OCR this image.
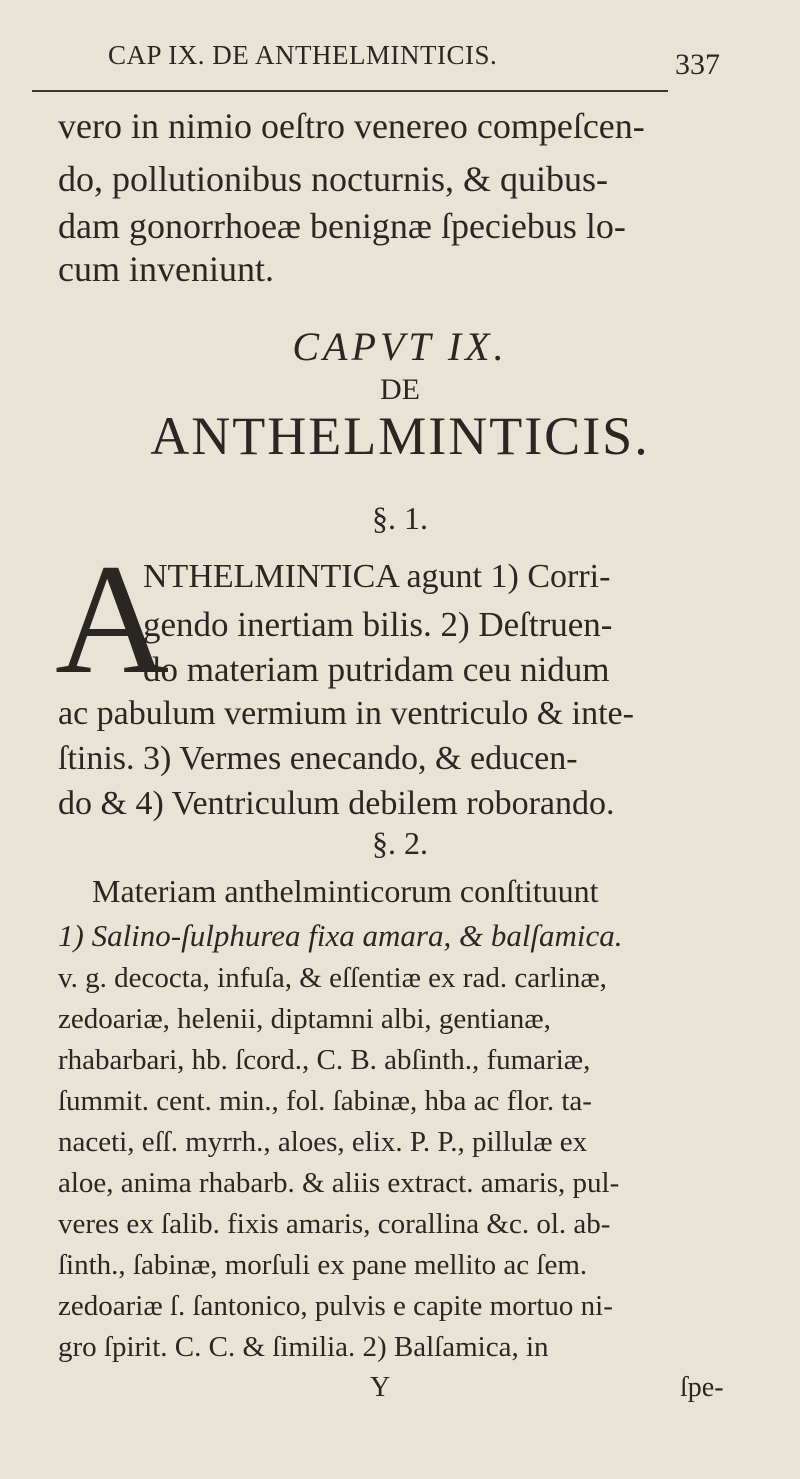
CAP IX. DE ANTHELMINTICIS.	337
vero in nimio oeſtro venereo compeſcen-
do, pollutionibus nocturnis, & quibus-
dam gonorrhoeæ benignæ ſpeciebus lo-
cum inveniunt.
CAPVT IX.
DE
ANTHELMINTICIS.
§. 1.
A
NTHELMINTICA agunt 1) Corri-
gendo inertiam bilis. 2) Deſtruen-
do materiam putridam ceu nidum
ac pabulum vermium in ventriculo & inte-
ſtinis. 3) Vermes enecando, & educen-
do & 4) Ventriculum debilem roborando.
§. 2.
Materiam anthelminticorum conſtituunt
1) Salino-ſulphurea fixa amara, & balſamica.
v. g. decocta, infuſa, & eſſentiæ ex rad. carlinæ,
zedoariæ, helenii, diptamni albi, gentianæ,
rhabarbari, hb. ſcord., C. B. abſinth., fumariæ,
ſummit. cent. min., fol. ſabinæ, hba ac flor. ta-
naceti, eſſ. myrrh., aloes, elix. P. P., pillulæ ex
aloe, anima rhabarb. & aliis extract. amaris, pul-
veres ex ſalib. fixis amaris, corallina &c. ol. ab-
ſinth., ſabinæ, morſuli ex pane mellito ac ſem.
zedoariæ ſ. ſantonico, pulvis e capite mortuo ni-
gro ſpirit. C. C. & ſimilia. 2) Balſamica, in
Y	ſpe-
